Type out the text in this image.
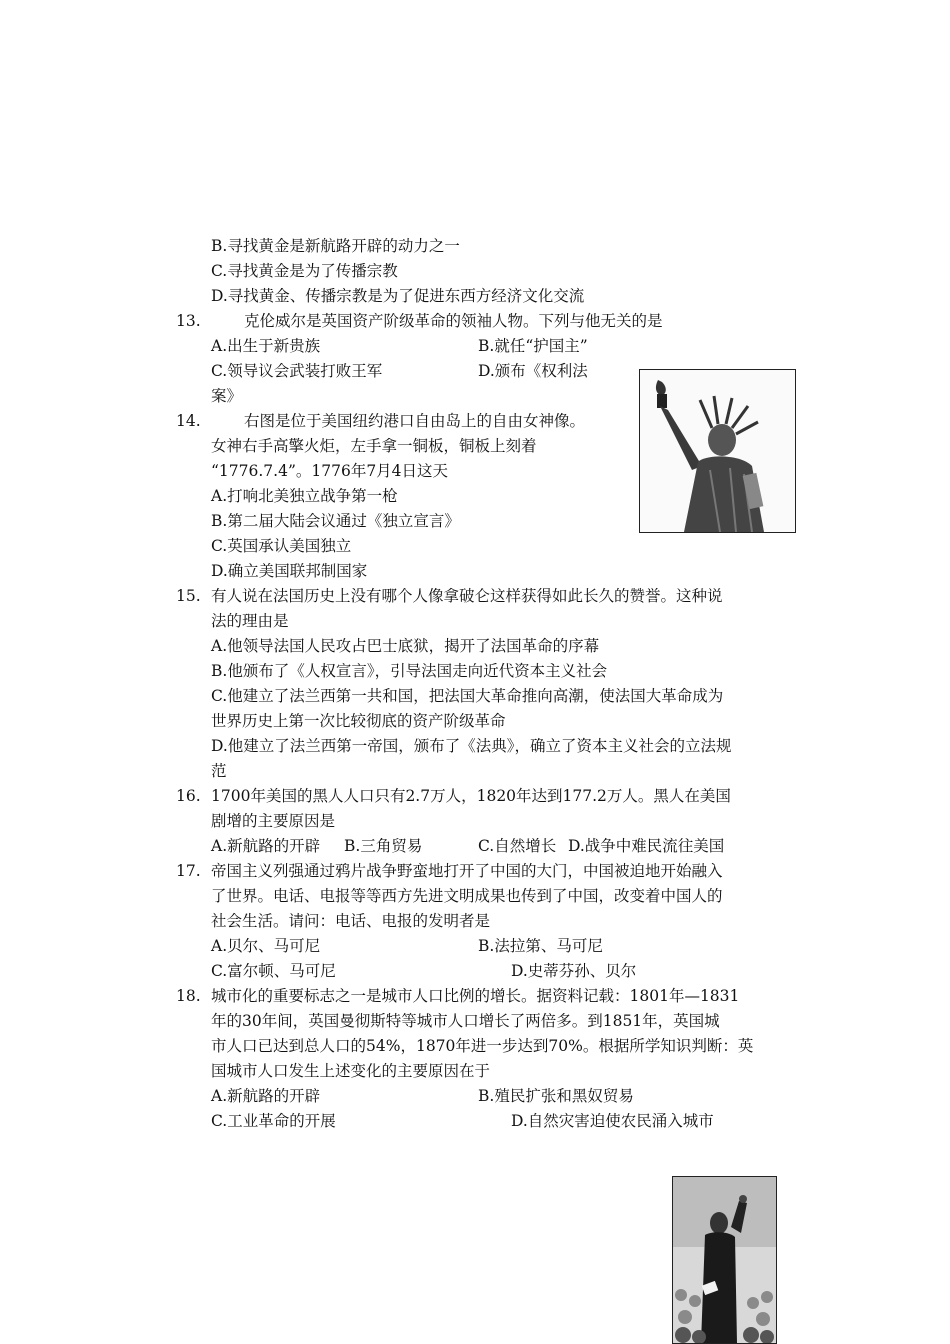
B.寻找黄金是新航路开辟的动力之一
C.寻找黄金是为了传播宗教
D.寻找黄金、传播宗教是为了促进东西方经济文化交流
13.	克伦威尔是英国资产阶级革命的领袖人物。下列与他无关的是
A.出生于新贵族	B.就任“护国主”
C.领导议会武装打败王军	D.颁布《权利法
案》
14.	右图是位于美国纽约港口自由岛上的自由女神像。
女神右手高擎火炬，左手拿一铜板，铜板上刻着
“1776.7.4”。1776年7月4日这天
A.打响北美独立战争第一枪
B.第二届大陆会议通过《独立宣言》
C.英国承认美国独立
D.确立美国联邦制国家
15. 有人说在法国历史上没有哪个人像拿破仑这样获得如此长久的赞誉。这种说
法的理由是
A.他领导法国人民攻占巴士底狱，揭开了法国革命的序幕
B.他颁布了《人权宣言》，引导法国走向近代资本主义社会
C.他建立了法兰西第一共和国，把法国大革命推向高潮，使法国大革命成为
世界历史上第一次比较彻底的资产阶级革命
D.他建立了法兰西第一帝国，颁布了《法典》，确立了资本主义社会的立法规
范
16. 1700年美国的黑人人口只有2.7万人，1820年达到177.2万人。黑人在美国
剧增的主要原因是
A.新航路的开辟 B.三角贸易	C.自然增长 D.战争中难民流往美国
17. 帝国主义列强通过鸦片战争野蛮地打开了中国的大门，中国被迫地开始融入
了世界。电话、电报等等西方先进文明成果也传到了中国，改变着中国人的
社会生活。请问：电话、电报的发明者是
A.贝尔、马可尼	B.法拉第、马可尼
C.富尔顿、马可尼	D.史蒂芬孙、贝尔
18. 城市化的重要标志之一是城市人口比例的增长。据资料记载：1801年—1831
年的30年间，英国曼彻斯特等城市人口增长了两倍多。到1851年，英国城
市人口已达到总人口的54%，1870年进一步达到70%。根据所学知识判断：英
国城市人口发生上述变化的主要原因在于
A.新航路的开辟	B.殖民扩张和黑奴贸易
C.工业革命的开展	D.自然灾害迫使农民涌入城市
